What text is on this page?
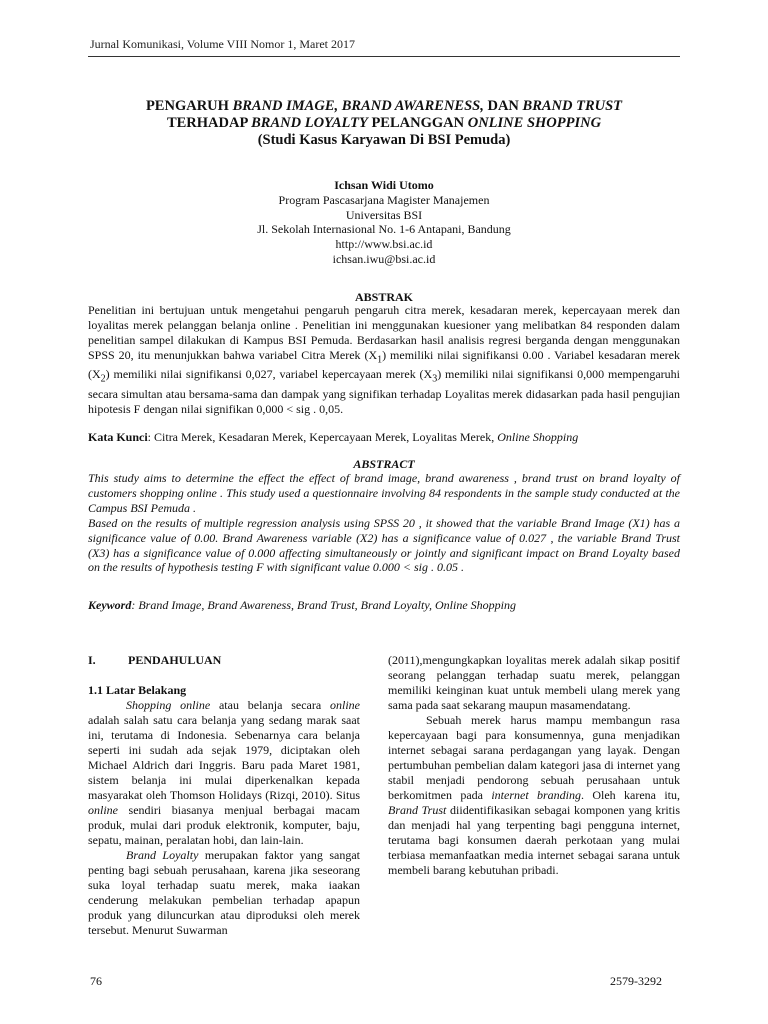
Jurnal Komunikasi, Volume VIII Nomor 1, Maret 2017
PENGARUH BRAND IMAGE, BRAND AWARENESS, DAN BRAND TRUST
TERHADAP BRAND LOYALTY PELANGGAN ONLINE SHOPPING
(Studi Kasus Karyawan Di BSI Pemuda)
Ichsan Widi Utomo
Program Pascasarjana Magister Manajemen
Universitas BSI
Jl. Sekolah Internasional No. 1-6 Antapani, Bandung
http://www.bsi.ac.id
ichsan.iwu@bsi.ac.id
ABSTRAK
Penelitian ini bertujuan untuk mengetahui pengaruh pengaruh citra merek, kesadaran merek, kepercayaan merek dan loyalitas merek pelanggan belanja online . Penelitian ini menggunakan kuesioner yang melibatkan 84 responden dalam penelitian sampel dilakukan di Kampus BSI Pemuda. Berdasarkan hasil analisis regresi berganda dengan menggunakan SPSS 20, itu menunjukkan bahwa variabel Citra Merek $(X_1)$ memiliki nilai signifikansi 0.00 . Variabel kesadaran merek $(X_2)$ memiliki nilai signifikansi 0,027, variabel kepercayaan merek $(X_3)$ memiliki nilai signifikansi 0,000 mempengaruhi secara simultan atau bersama-sama dan dampak yang signifikan terhadap Loyalitas merek didasarkan pada hasil pengujian hipotesis F dengan nilai signifikan 0,000 < sig . 0,05.
Kata Kunci: Citra Merek, Kesadaran Merek, Kepercayaan Merek, Loyalitas Merek, Online Shopping
ABSTRACT

This study aims to determine the effect the effect of brand image, brand awareness , brand trust on brand loyalty of customers shopping online . This study used a questionnaire involving 84 respondents in the sample study conducted at the Campus BSI Pemuda .

Based on the results of multiple regression analysis using SPSS 20 , it showed that the variable Brand Image (X1) has a significance value of 0.00. Brand Awareness variable (X2) has a significance value of 0.027 , the variable Brand Trust (X3) has a significance value of 0.000 affecting simultaneously or jointly and significant impact on Brand Loyalty based on the results of hypothesis testing F with significant value 0.000 < sig . 0.05 .

Keyword: Brand Image, Brand Awareness, Brand Trust, Brand Loyalty, Online Shopping
I.	PENDAHULUAN

1.1 Latar Belakang

Shopping online atau belanja secara online adalah salah satu cara belanja yang sedang marak saat ini, terutama di Indonesia. Sebenarnya cara belanja seperti ini sudah ada sejak 1979, diciptakan oleh Michael Aldrich dari Inggris. Baru pada Maret 1981, sistem belanja ini mulai diperkenalkan kepada masyarakat oleh Thomson Holidays (Rizqi, 2010). Situs online sendiri biasanya menjual berbagai macam produk, mulai dari produk elektronik, komputer, baju, sepatu, mainan, peralatan hobi, dan lain-lain.

Brand Loyalty merupakan faktor yang sangat penting bagi sebuah perusahaan, karena jika seseorang suka loyal terhadap suatu merek, maka iaakan cenderung melakukan pembelian terhadap apapun produk yang diluncurkan atau diproduksi oleh merek tersebut. Menurut Suwarman

(2011),mengungkapkan loyalitas merek adalah sikap positif seorang pelanggan terhadap suatu merek, pelanggan memiliki keinginan kuat untuk membeli ulang merek yang sama pada saat sekarang maupun masamendatang.

Sebuah merek harus mampu membangun rasa kepercayaan bagi para konsumennya, guna menjadikan internet sebagai sarana perdagangan yang layak. Dengan pertumbuhan pembelian dalam kategori jasa di internet yang stabil menjadi pendorong sebuah perusahaan untuk berkomitmen pada internet branding. Oleh karena itu, Brand Trust diidentifikasikan sebagai komponen yang kritis dan menjadi hal yang terpenting bagi pengguna internet, terutama bagi konsumen daerah perkotaan yang mulai terbiasa memanfaatkan media internet sebagai sarana untuk membeli barang kebutuhan pribadi.

76	2579-3292
